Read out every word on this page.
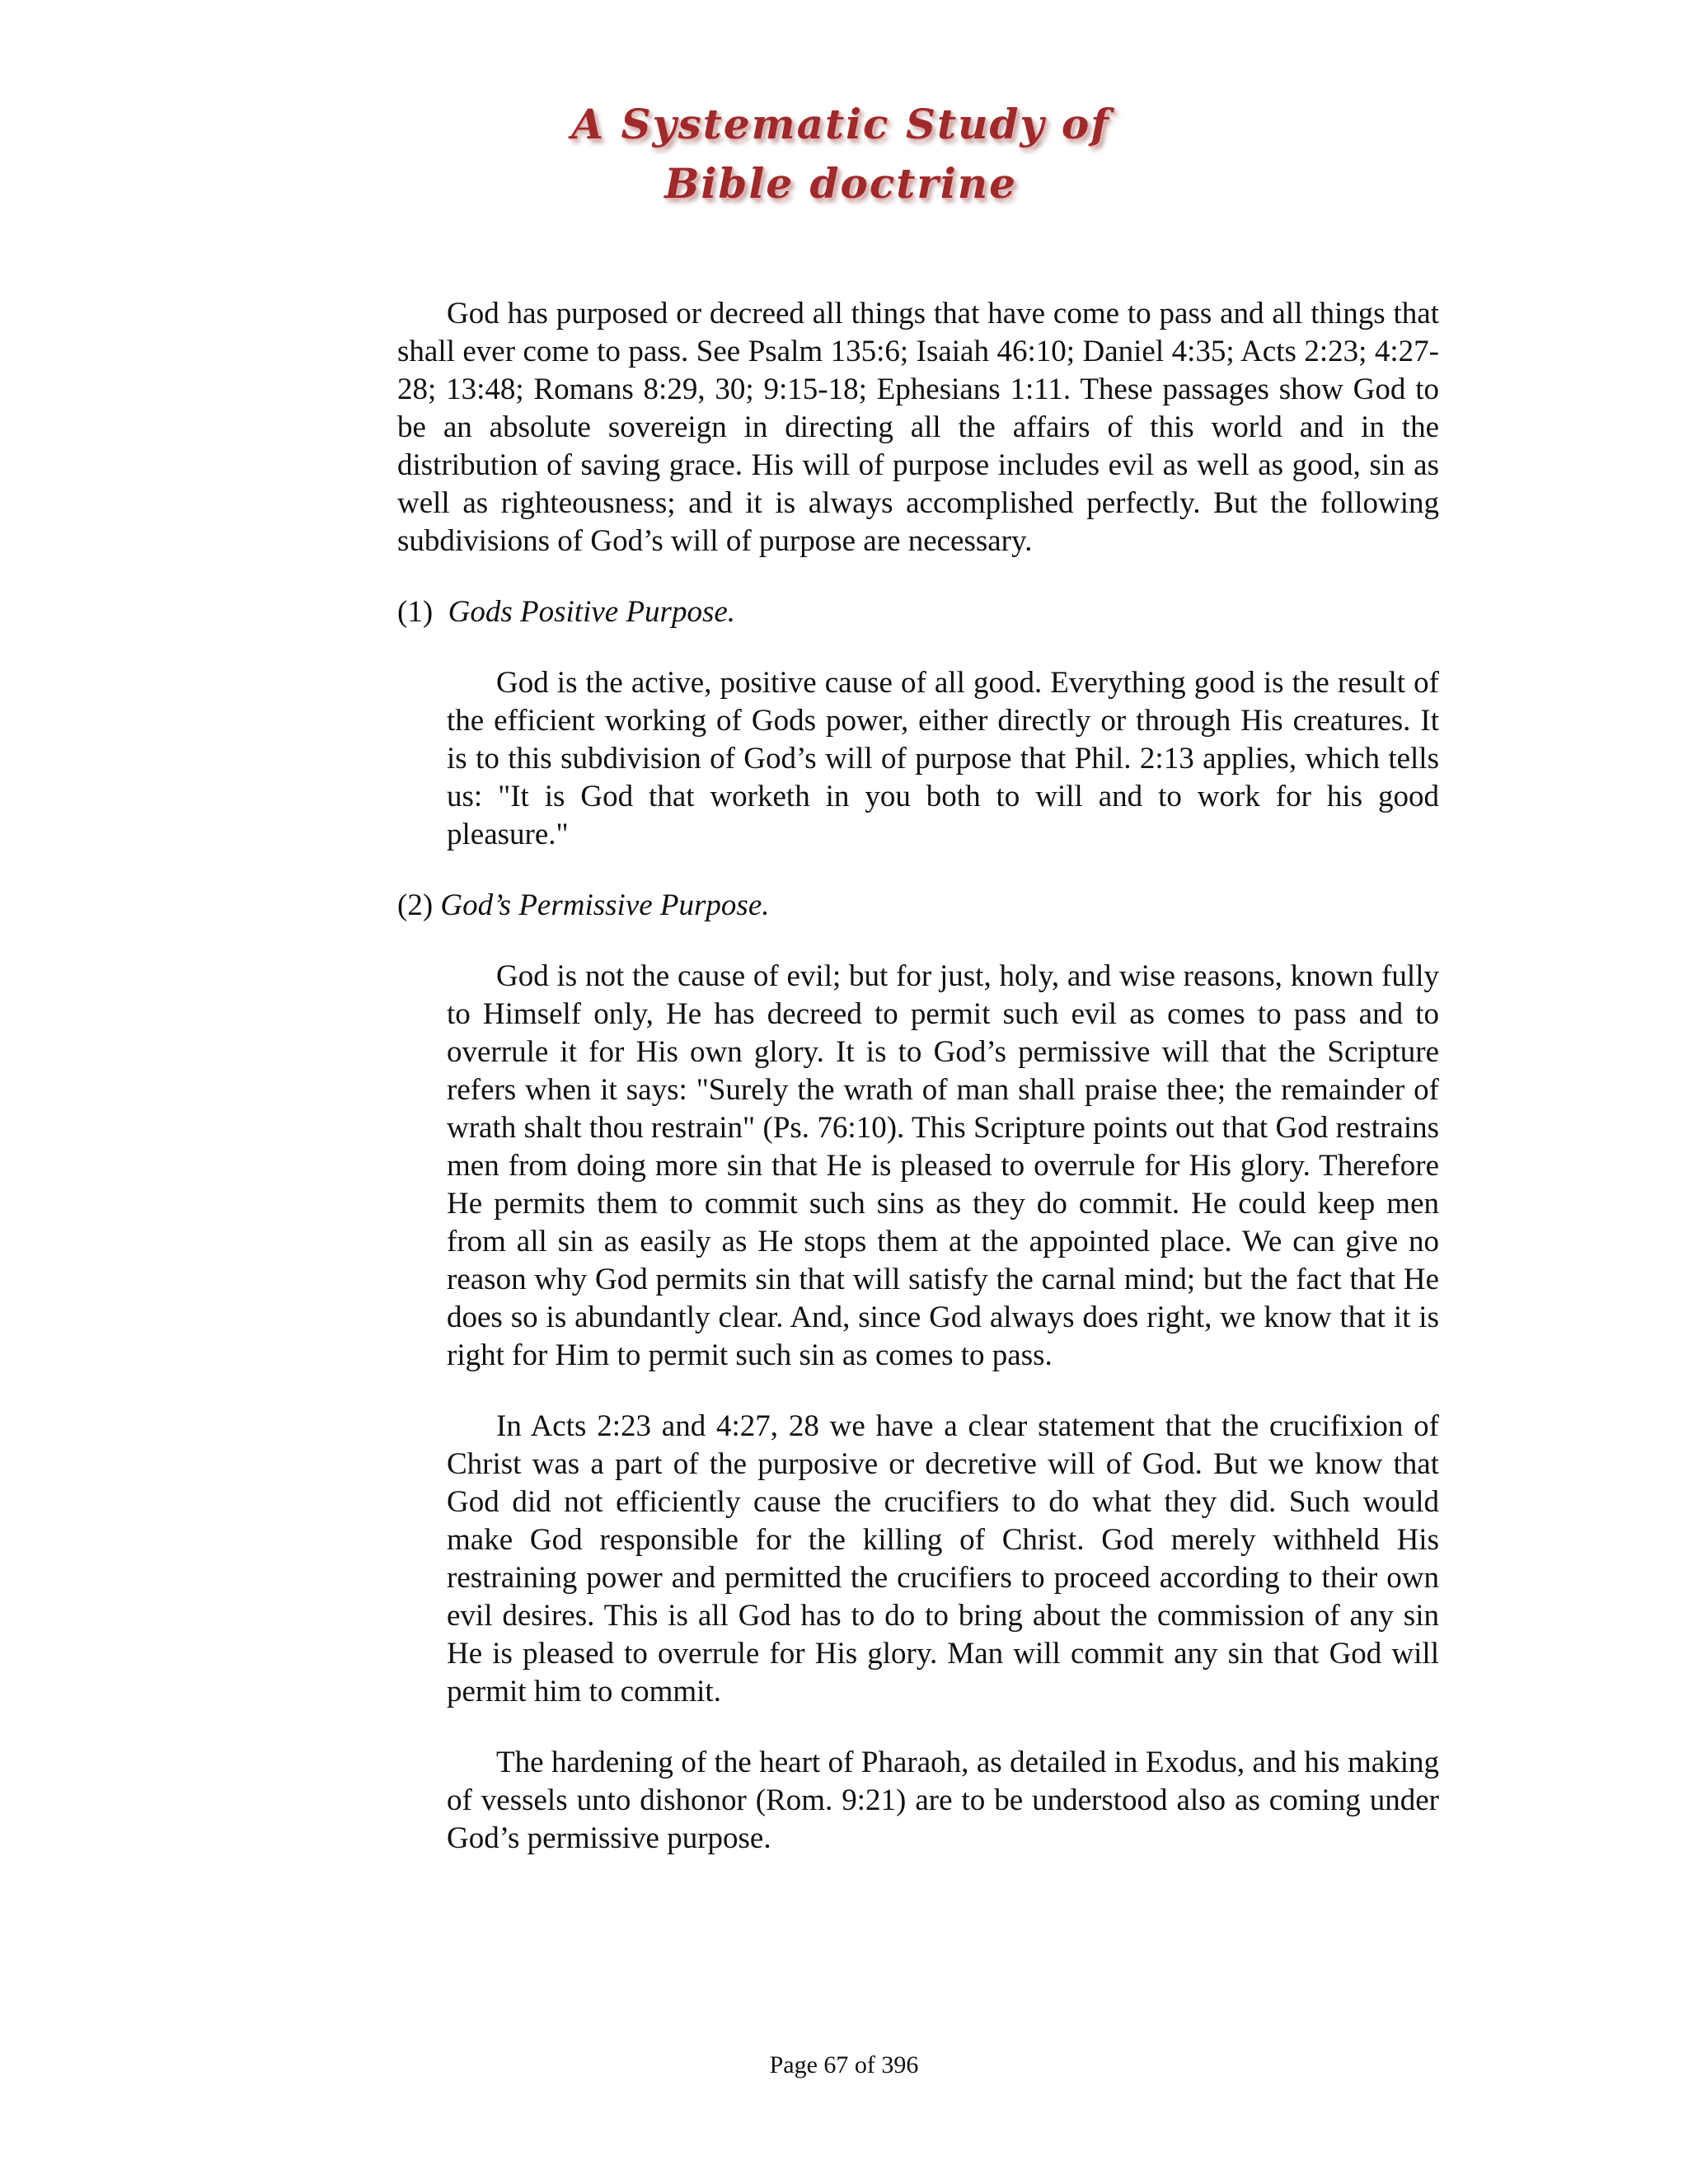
A Systematic Study of
Bible doctrine

God has purposed or decreed all things that have come to pass and all things that shall ever come to pass. See Psalm 135:6; Isaiah 46:10; Daniel 4:35; Acts 2:23; 4:27-28; 13:48; Romans 8:29, 30; 9:15-18; Ephesians 1:11. These passages show God to be an absolute sovereign in directing all the affairs of this world and in the distribution of saving grace. His will of purpose includes evil as well as good, sin as well as righteousness; and it is always accomplished perfectly. But the following subdivisions of God’s will of purpose are necessary.

(1) Gods Positive Purpose.

God is the active, positive cause of all good. Everything good is the result of the efficient working of Gods power, either directly or through His creatures. It is to this subdivision of God’s will of purpose that Phil. 2:13 applies, which tells us: "It is God that worketh in you both to will and to work for his good pleasure."

(2) God’s Permissive Purpose.

God is not the cause of evil; but for just, holy, and wise reasons, known fully to Himself only, He has decreed to permit such evil as comes to pass and to overrule it for His own glory. It is to God’s permissive will that the Scripture refers when it says: "Surely the wrath of man shall praise thee; the remainder of wrath shalt thou restrain" (Ps. 76:10). This Scripture points out that God restrains men from doing more sin that He is pleased to overrule for His glory. Therefore He permits them to commit such sins as they do commit. He could keep men from all sin as easily as He stops them at the appointed place. We can give no reason why God permits sin that will satisfy the carnal mind; but the fact that He does so is abundantly clear. And, since God always does right, we know that it is right for Him to permit such sin as comes to pass.

In Acts 2:23 and 4:27, 28 we have a clear statement that the crucifixion of Christ was a part of the purposive or decretive will of God. But we know that God did not efficiently cause the crucifiers to do what they did. Such would make God responsible for the killing of Christ. God merely withheld His restraining power and permitted the crucifiers to proceed according to their own evil desires. This is all God has to do to bring about the commission of any sin He is pleased to overrule for His glory. Man will commit any sin that God will permit him to commit.

The hardening of the heart of Pharaoh, as detailed in Exodus, and his making of vessels unto dishonor (Rom. 9:21) are to be understood also as coming under God’s permissive purpose.

Page 67 of 396
